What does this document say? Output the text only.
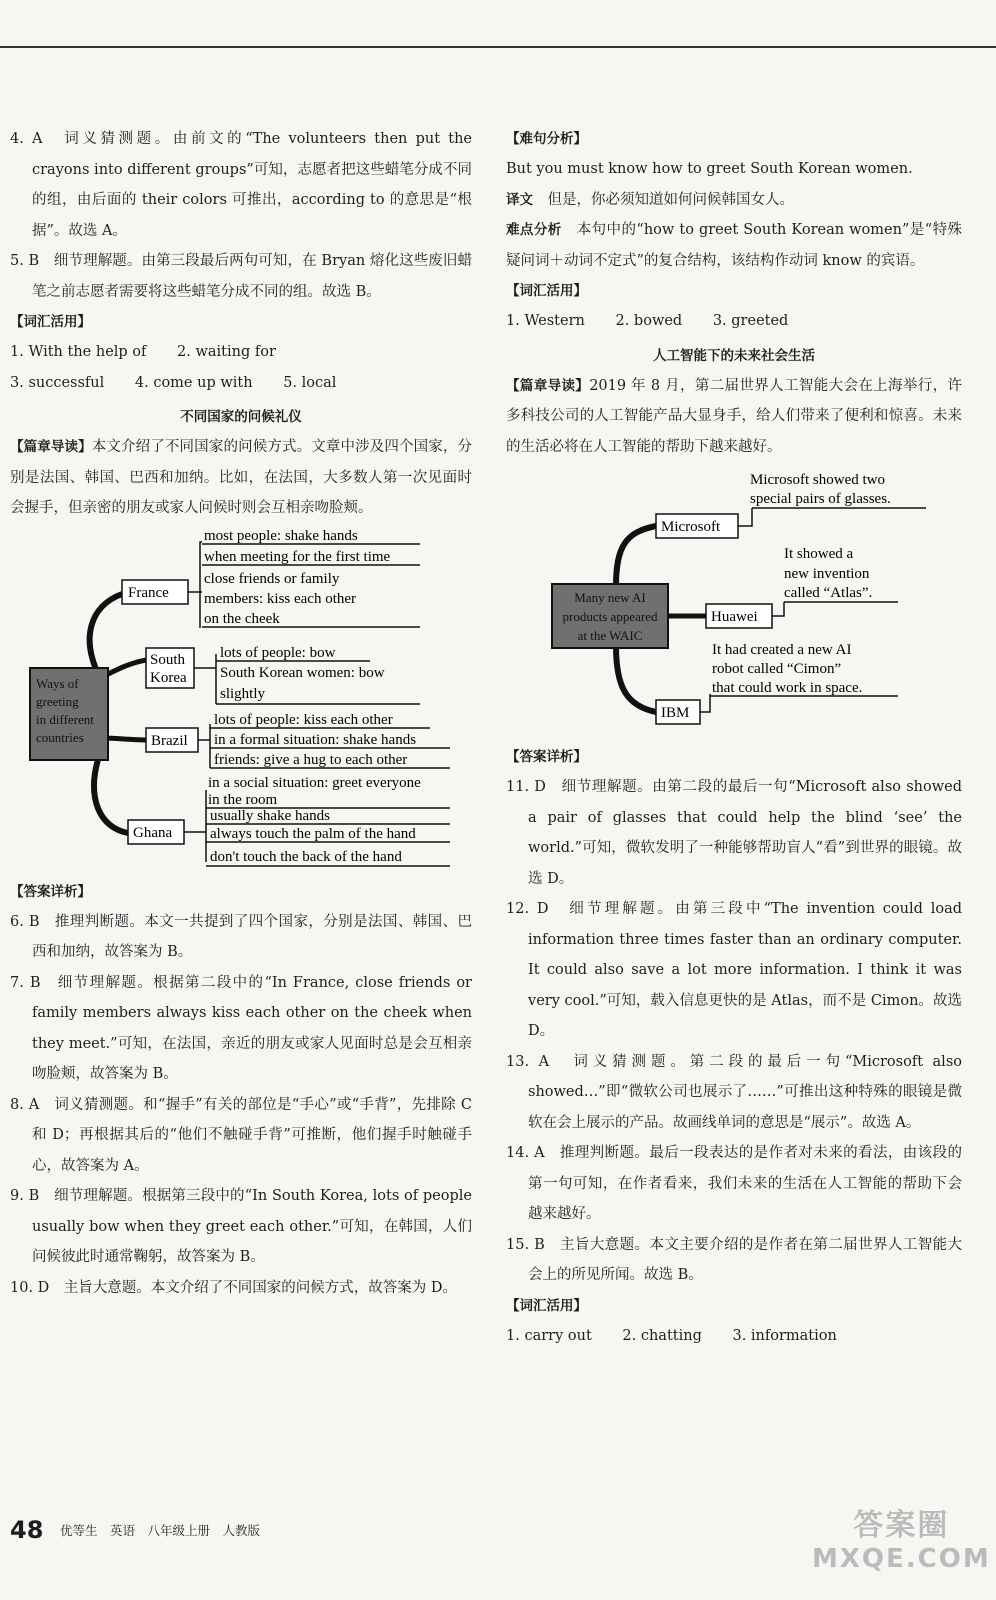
4. A　词义猜测题。由前文的“The volunteers then put the crayons into different groups”可知，志愿者把这些蜡笔分成不同的组，由后面的 their colors 可推出，according to 的意思是“根据”。故选 A。

5. B　细节理解题。由第三段最后两句可知，在 Bryan 熔化这些废旧蜡笔之前志愿者需要将这些蜡笔分成不同的组。故选 B。

【词汇活用】

1. With the help of 2. waiting for

3. successful 4. come up with 5. local

不同国家的问候礼仪

【篇章导读】本文介绍了不同国家的问候方式。文章中涉及四个国家，分别是法国、韩国、巴西和加纳。比如，在法国，大多数人第一次见面时会握手，但亲密的朋友或家人问候时则会互相亲吻脸颊。

Ways of
greeting
in different
countries
France
most people: shake hands
when meeting for the first time
close friends or family
members: kiss each other
on the cheek
South
Korea
lots of people: bow
South Korean women: bow
slightly
Brazil
lots of people: kiss each other
in a formal situation: shake hands
friends: give a hug to each other
Ghana
in a social situation: greet everyone
in the room
usually shake hands
always touch the palm of the hand
don't touch the back of the hand

【答案详析】

6. B　推理判断题。本文一共提到了四个国家，分别是法国、韩国、巴西和加纳，故答案为 B。

7. B　细节理解题。根据第二段中的“In France, close friends or family members always kiss each other on the cheek when they meet.”可知，在法国，亲近的朋友或家人见面时总是会互相亲吻脸颊，故答案为 B。

8. A　词义猜测题。和“握手”有关的部位是“手心”或“手背”，先排除 C 和 D；再根据其后的“他们不触碰手背”可推断，他们握手时触碰手心，故答案为 A。

9. B　细节理解题。根据第三段中的“In South Korea, lots of people usually bow when they greet each other.”可知，在韩国，人们问候彼此时通常鞠躬，故答案为 B。

10. D　主旨大意题。本文介绍了不同国家的问候方式，故答案为 D。

【难句分析】

But you must know how to greet South Korean women.

译文　 但是，你必须知道如何问候韩国女人。

难点分析　 本句中的“how to greet South Korean women”是“特殊疑问词＋动词不定式”的复合结构，该结构作动词 know 的宾语。

【词汇活用】

1. Western 2. bowed 3. greeted

人工智能下的未来社会生活

【篇章导读】2019 年 8 月，第二届世界人工智能大会在上海举行，许多科技公司的人工智能产品大显身手，给人们带来了便利和惊喜。未来的生活必将在人工智能的帮助下越来越好。

Many new AI
products appeared
at the WAIC
Microsoft
Microsoft showed two
special pairs of glasses.
Huawei
It showed a
new invention
called “Atlas”.
IBM
It had created a new AI
robot called “Cimon”
that could work in space.

【答案详析】

11. D　细节理解题。由第二段的最后一句“Microsoft also showed a pair of glasses that could help the blind ‘see’ the world.”可知，微软发明了一种能够帮助盲人“看”到世界的眼镜。故选 D。

12. D　细节理解题。由第三段中“The invention could load information three times faster than an ordinary computer. It could also save a lot more information. I think it was very cool.”可知，载入信息更快的是 Atlas，而不是 Cimon。故选 D。

13. A　词义猜测题。第二段的最后一句“Microsoft also showed…”即“微软公司也展示了……”可推出这种特殊的眼镜是微软在会上展示的产品。故画线单词的意思是“展示”。故选 A。

14. A　推理判断题。最后一段表达的是作者对未来的看法，由该段的第一句可知，在作者看来，我们未来的生活在人工智能的帮助下会越来越好。

15. B　主旨大意题。本文主要介绍的是作者在第二届世界人工智能大会上的所见所闻。故选 B。

【词汇活用】

1. carry out 2. chatting 3. information

48 优等生　英语　八年级上册　人教版	答案圈
MXQE.COM
